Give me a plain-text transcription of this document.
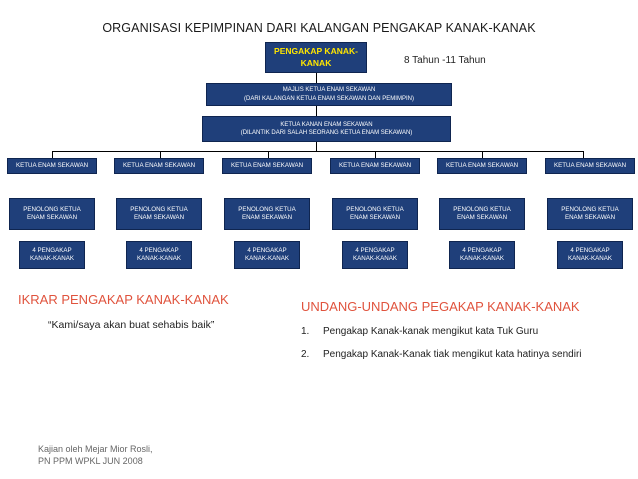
ORGANISASI KEPIMPINAN DARI KALANGAN PENGAKAP KANAK-KANAK
PENGAKAP KANAK-KANAK	8 Tahun -11 Tahun
MAJLIS KETUA ENAM SEKAWAN
(DARI KALANGAN KETUA ENAM SEKAWAN DAN PEMIMPIN)
KETUA KANAN ENAM SEKAWAN
(DILANTIK DARI SALAH SEORANG KETUA ENAM SEKAWAN)
KETUA ENAM SEKAWAN
PENOLONG KETUA
ENAM SEKAWAN
4 PENGAKAP
KANAK-KANAK
KETUA ENAM SEKAWAN
PENOLONG KETUA
ENAM SEKAWAN
4 PENGAKAP
KANAK-KANAK
KETUA ENAM SEKAWAN
PENOLONG KETUA
ENAM SEKAWAN
4 PENGAKAP
KANAK-KANAK
KETUA ENAM SEKAWAN
PENOLONG KETUA
ENAM SEKAWAN
4 PENGAKAP
KANAK-KANAK
KETUA ENAM SEKAWAN
PENOLONG KETUA
ENAM SEKAWAN
4 PENGAKAP
KANAK-KANAK
KETUA ENAM SEKAWAN
PENOLONG KETUA
ENAM SEKAWAN
4 PENGAKAP
KANAK-KANAK
IKRAR PENGAKAP KANAK-KANAK
“Kami/saya akan buat sehabis baik”
UNDANG-UNDANG PEGAKAP KANAK-KANAK
1.	Pengakap Kanak-kanak mengikut kata Tuk Guru
2.	Pengakap Kanak-Kanak tiak mengikut kata hatinya sendiri
Kajian oleh Mejar Mior Rosli,
PN PPM WPKL JUN 2008
